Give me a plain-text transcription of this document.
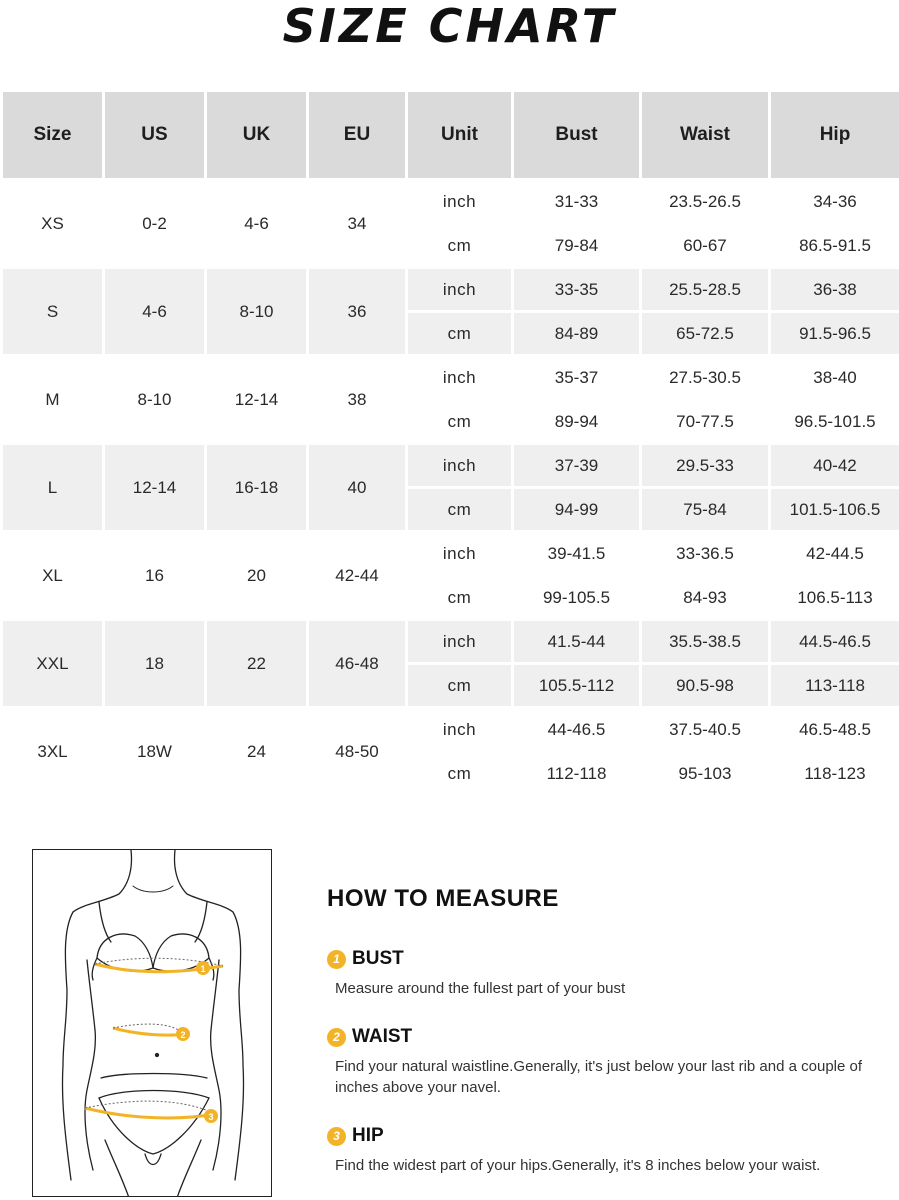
SIZE CHART
Size	US	UK	EU	Unit	Bust	Waist	Hip
XS	0-2	4-6	34	inch	31-33	23.5-26.5	34-36
				cm	79-84	60-67	86.5-91.5
S	4-6	8-10	36	inch	33-35	25.5-28.5	36-38
				cm	84-89	65-72.5	91.5-96.5
M	8-10	12-14	38	inch	35-37	27.5-30.5	38-40
				cm	89-94	70-77.5	96.5-101.5
L	12-14	16-18	40	inch	37-39	29.5-33	40-42
				cm	94-99	75-84	101.5-106.5
XL	16	20	42-44	inch	39-41.5	33-36.5	42-44.5
				cm	99-105.5	84-93	106.5-113
XXL	18	22	46-48	inch	41.5-44	35.5-38.5	44.5-46.5
				cm	105.5-112	90.5-98	113-118
3XL	18W	24	48-50	inch	44-46.5	37.5-40.5	46.5-48.5
				cm	112-118	95-103	118-123
1
2
3
HOW TO MEASURE
1 BUST
Measure around the fullest part of your bust
2 WAIST
Find your natural waistline.Generally, it's just below your last rib and a couple of inches above your navel.
3 HIP
Find the widest part of your hips.Generally, it's 8 inches below your waist.
